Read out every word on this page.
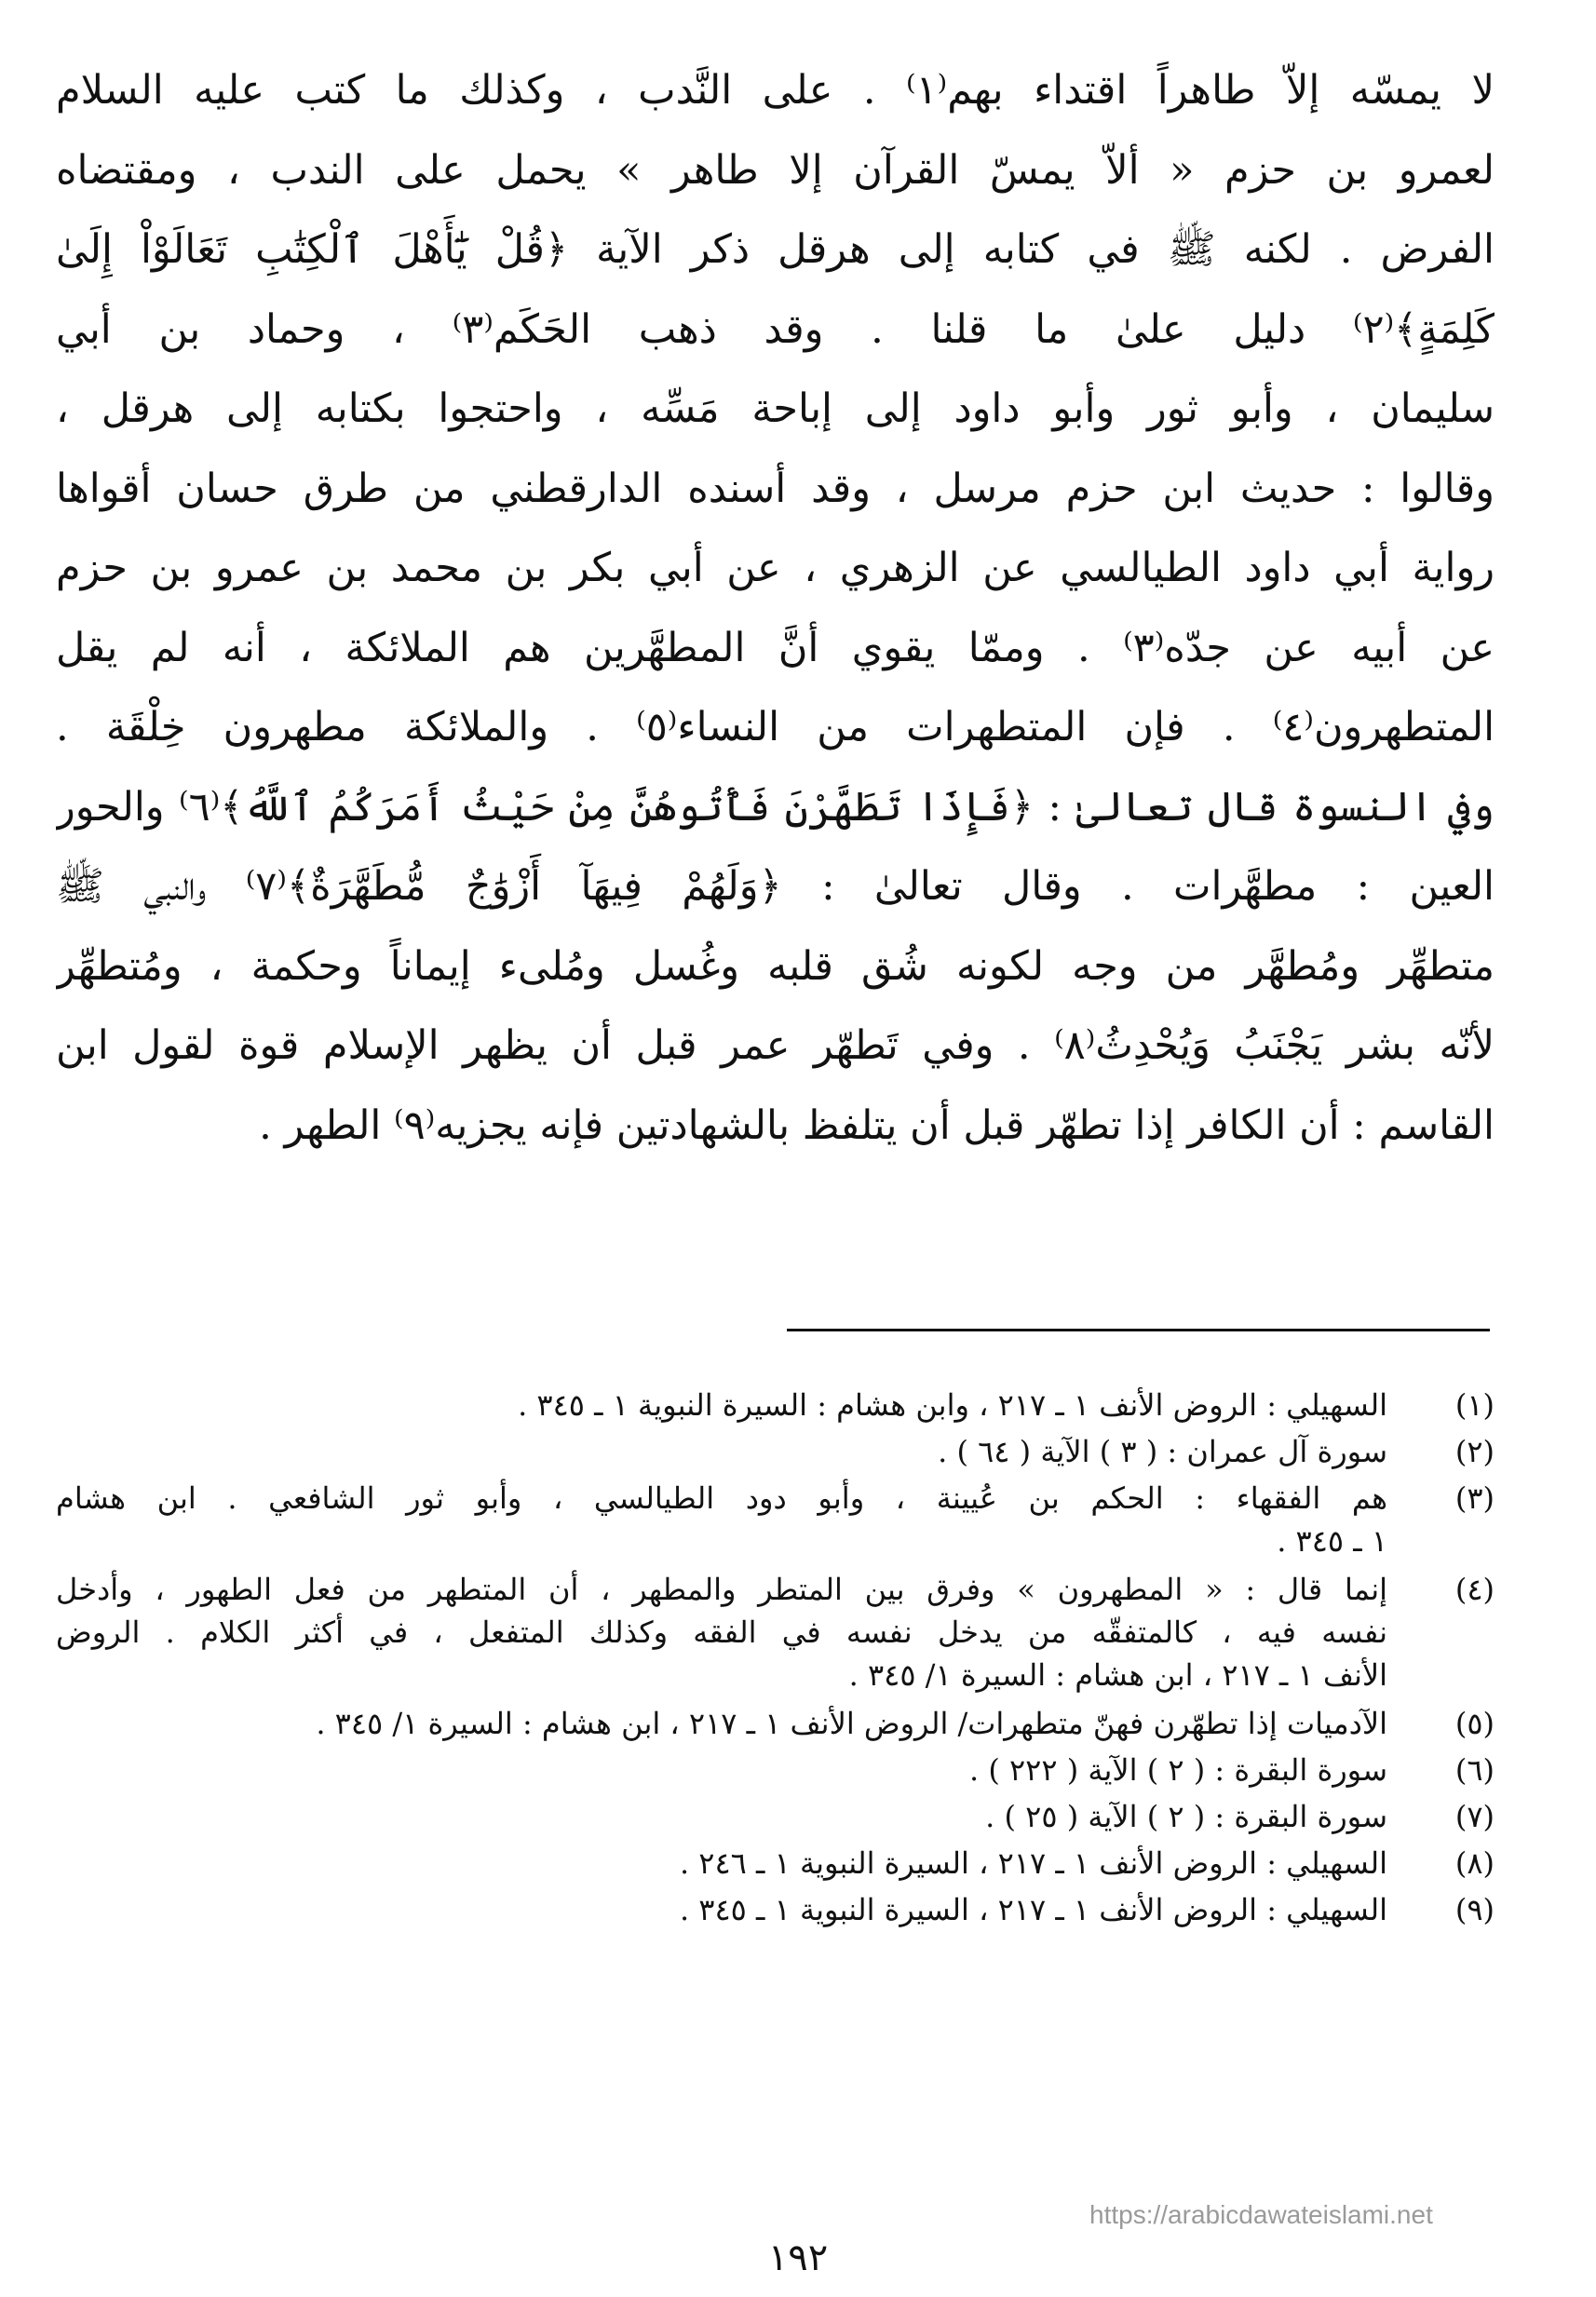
لا يمسّه إلاّ طاهراً اقتداء بهم⁽١⁾ . على النَّدب ، وكذلك ما كتب عليه السلام
لعمرو بن حزم « ألاّ يمسّ القرآن إلا طاهر » يحمل على الندب ، ومقتضاه
الفرض . لكنه ﷺ في كتابه إلى هرقل ذكر الآية ﴿قُلْ يَٰٓأَهْلَ ٱلْكِتَٰبِ تَعَالَوْاْ إِلَىٰ
كَلِمَةٍ﴾⁽٢⁾ دليل علىٰ ما قلنا . وقد ذهب الحَكَم⁽٣⁾ ، وحماد بن أبي
سليمان ، وأبو ثور وأبو داود إلى إباحة مَسِّه ، واحتجوا بكتابه إلى هرقل ،
وقالوا : حديث ابن حزم مرسل ، وقد أسنده الدارقطني من طرق حسان أقواها
رواية أبي داود الطيالسي عن الزهري ، عن أبي بكر بن محمد بن عمرو بن حزم
عن أبيه عن جدّه⁽٣⁾ . وممّا يقوي أنَّ المطهَّرين هم الملائكة ، أنه لم يقل
المتطهرون⁽٤⁾ . فإن المتطهرات من النساء⁽٥⁾ . والملائكة مطهرون خِلْقَة .
وفي النسوة قال تعالىٰ : ﴿فَإِذَا تَطَهَّرْنَ فَأْتُوهُنَّ مِنْ حَيْثُ أَمَرَكُمُ ٱللَّهُ﴾⁽٦⁾ والحور
العين : مطهَّرات . وقال تعالىٰ : ﴿وَلَهُمْ فِيهَآ أَزْوَٰجٌ مُّطَهَّرَةٌ﴾⁽٧⁾ والنبي ﷺ
متطهِّر ومُطهَّر من وجه لكونه شُق قلبه وغُسل ومُلىء إيماناً وحكمة ، ومُتطهِّر
لأنّه بشر يَجْنَبُ وَيُحْدِثُ⁽٨⁾ . وفي تَطهّر عمر قبل أن يظهر الإسلام قوة لقول ابن
القاسم : أن الكافر إذا تطهّر قبل أن يتلفظ بالشهادتين فإنه يجزيه⁽٩⁾ الطهر .
(١)
السهيلي : الروض الأنف ١ ـ ٢١٧ ، وابن هشام : السيرة النبوية ١ ـ ٣٤٥ .
(٢)
سورة آل عمران : ( ٣ ) الآية ( ٦٤ ) .
(٣)
هم الفقهاء : الحكم بن عُيينة ، وأبو دود الطيالسي ، وأبو ثور الشافعي . ابن هشام
١ ـ ٣٤٥ .
(٤)
إنما قال : « المطهرون » وفرق بين المتطر والمطهر ، أن المتطهر من فعل الطهور ، وأدخل
نفسه فيه ، كالمتفقّه من يدخل نفسه في الفقه وكذلك المتفعل ، في أكثر الكلام . الروض
الأنف ١ ـ ٢١٧ ، ابن هشام : السيرة ١/ ٣٤٥ .
(٥)
الآدميات إذا تطهّرن فهنّ متطهرات/ الروض الأنف ١ ـ ٢١٧ ، ابن هشام : السيرة ١/ ٣٤٥ .
(٦)
سورة البقرة : ( ٢ ) الآية ( ٢٢٢ ) .
(٧)
سورة البقرة : ( ٢ ) الآية ( ٢٥ ) .
(٨)
السهيلي : الروض الأنف ١ ـ ٢١٧ ، السيرة النبوية ١ ـ ٢٤٦ .
(٩)
السهيلي : الروض الأنف ١ ـ ٢١٧ ، السيرة النبوية ١ ـ ٣٤٥ .
https://arabicdawateislami.net
١٩٢
